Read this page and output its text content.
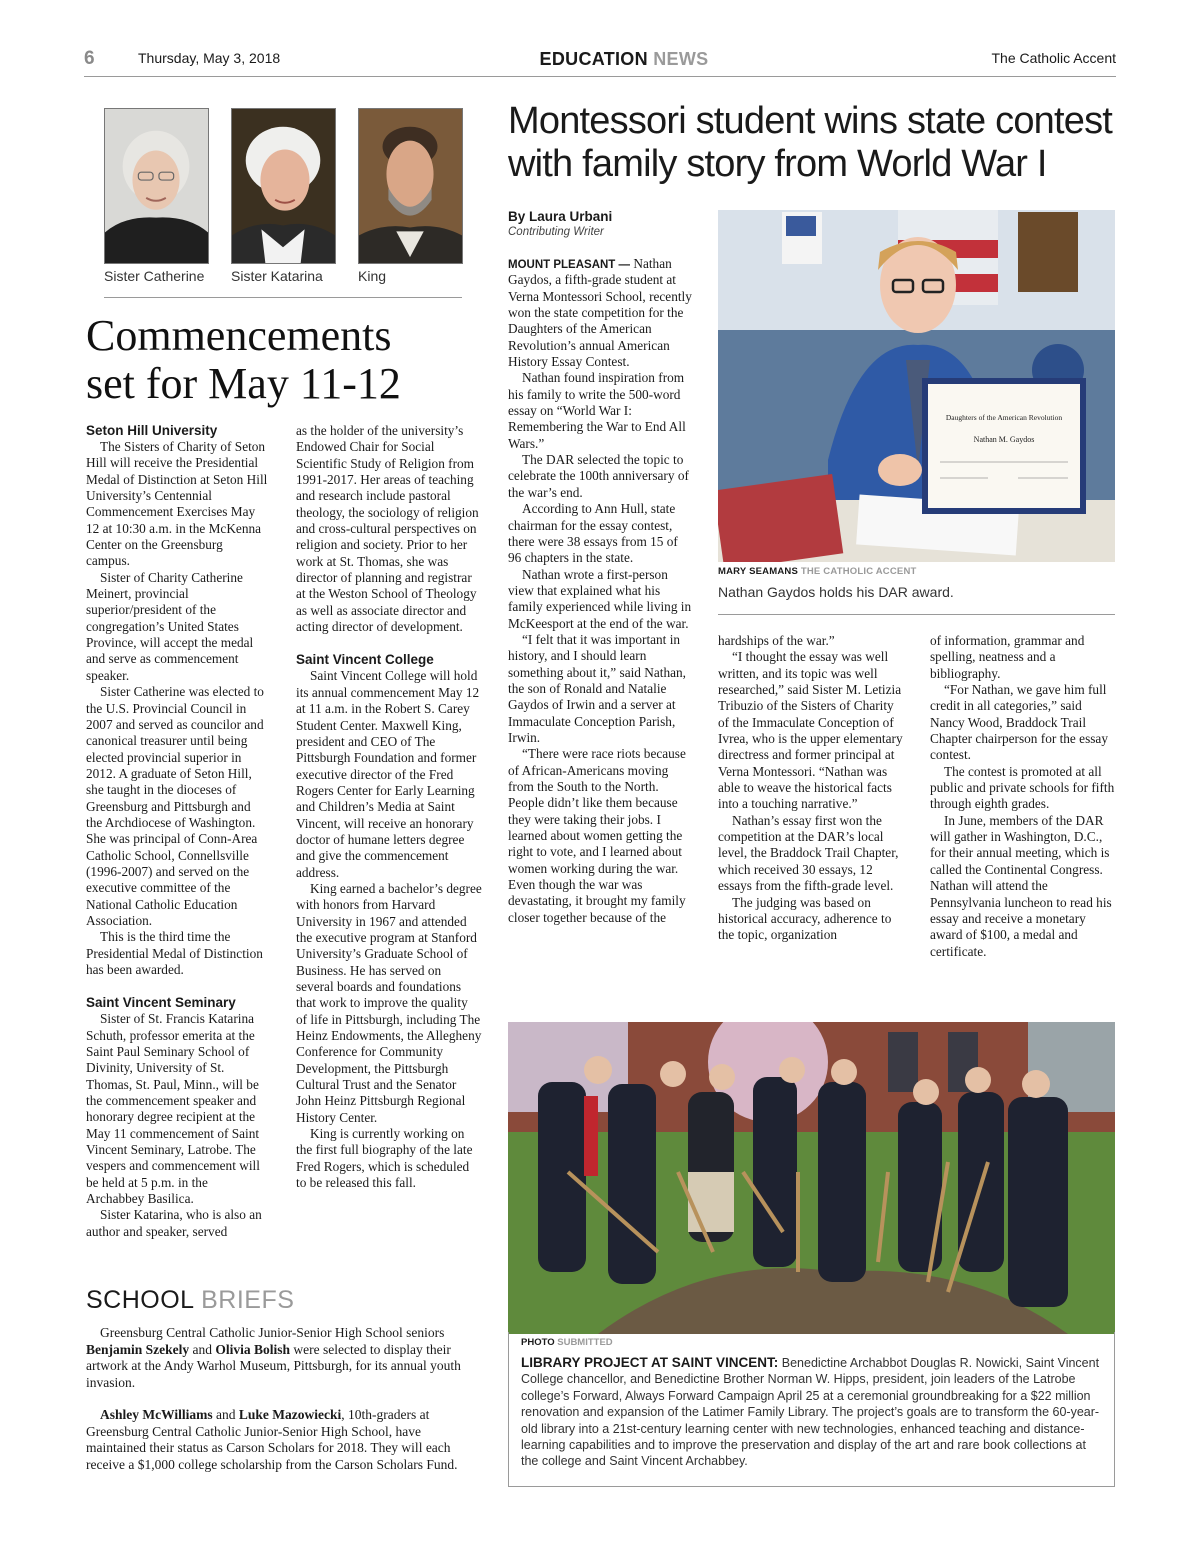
6	Thursday, May 3, 2018	EDUCATION NEWS	The Catholic Accent
Sister Catherine Sister Katarina	King
Commencements
set for May 11-12
Seton Hill University

The Sisters of Charity of Seton Hill will receive the Presidential Medal of Distinction at Seton Hill University’s Centennial Commencement Exercises May 12 at 10:30 a.m. in the McKenna Center on the Greensburg campus.

Sister of Charity Catherine Meinert, provincial superior/president of the congregation’s United States Province, will accept the medal and serve as commencement speaker.

Sister Catherine was elected to the U.S. Provincial Council in 2007 and served as councilor and canonical treasurer until being elected provincial superior in 2012. A graduate of Seton Hill, she taught in the dioceses of Greensburg and Pittsburgh and the Archdiocese of Washington. She was principal of Conn-Area Catholic School, Connellsville (1996-2007) and served on the executive committee of the National Catholic Education Association.

This is the third time the Presidential Medal of Distinction has been awarded.

Saint Vincent Seminary

Sister of St. Francis Katarina Schuth, professor emerita at the Saint Paul Seminary School of Divinity, University of St. Thomas, St. Paul, Minn., will be the commencement speaker and honorary degree recipient at the May 11 commencement of Saint Vincent Seminary, Latrobe. The vespers and commencement will be held at 5 p.m. in the Archabbey Basilica.

Sister Katarina, who is also an author and speaker, served

as the holder of the university’s Endowed Chair for Social Scientific Study of Religion from 1991-2017. Her areas of teaching and research include pastoral theology, the sociology of religion and cross-cultural perspectives on religion and society. Prior to her work at St. Thomas, she was director of planning and registrar at the Weston School of Theology as well as associate director and acting director of development.

Saint Vincent College

Saint Vincent College will hold its annual commencement May 12 at 11 a.m. in the Robert S. Carey Student Center. Maxwell King, president and CEO of The Pittsburgh Foundation and former executive director of the Fred Rogers Center for Early Learning and Children’s Media at Saint Vincent, will receive an honorary doctor of humane letters degree and give the commencement address.

King earned a bachelor’s degree with honors from Harvard University in 1967 and attended the executive program at Stanford University’s Graduate School of Business. He has served on several boards and foundations that work to improve the quality of life in Pittsburgh, including The Heinz Endowments, the Allegheny Conference for Community Development, the Pittsburgh Cultural Trust and the Senator John Heinz Pittsburgh Regional History Center.

King is currently working on the first full biography of the late Fred Rogers, which is scheduled to be released this fall.

Montessori student wins state contest
with family story from World War I
By Laura Urbani
Contributing Writer

MOUNT PLEASANT — Nathan Gaydos, a fifth-grade student at Verna Montessori School, recently won the state competition for the Daughters of the American Revolution’s annual American History Essay Contest.

Nathan found inspiration from his family to write the 500-word essay on “World War I: Remembering the War to End All Wars.”

The DAR selected the topic to celebrate the 100th anniversary of the war’s end.

According to Ann Hull, state chairman for the essay contest, there were 38 essays from 15 of 96 chapters in the state.

Nathan wrote a first-person view that explained what his family experienced while living in McKeesport at the end of the war.

“I felt that it was important in history, and I should learn something about it,” said Nathan, the son of Ronald and Natalie Gaydos of Irwin and a server at Immaculate Conception Parish, Irwin.

“There were race riots because of African-Americans moving from the South to the North. People didn’t like them because they were taking their jobs. I learned about women getting the right to vote, and I learned about women working during the war. Even though the war was devastating, it brought my family closer together because of the

Daughters of the American Revolution
Nathan M. Gaydos
MARY SEAMANS THE CATHOLIC ACCENT
Nathan Gaydos holds his DAR award.

hardships of the war.”

“I thought the essay was well written, and its topic was well researched,” said Sister M. Letizia Tribuzio of the Sisters of Charity of the Immaculate Conception of Ivrea, who is the upper elementary directress and former principal at Verna Montessori. “Nathan was able to weave the historical facts into a touching narrative.”

Nathan’s essay first won the competition at the DAR’s local level, the Braddock Trail Chapter, which received 30 essays, 12 essays from the fifth-grade level.

The judging was based on historical accuracy, adherence to the topic, organization

of information, grammar and spelling, neatness and a bibliography.

“For Nathan, we gave him full credit in all categories,” said Nancy Wood, Braddock Trail Chapter chairperson for the essay contest.

The contest is promoted at all public and private schools for fifth through eighth grades.

In June, members of the DAR will gather in Washington, D.C., for their annual meeting, which is called the Continental Congress. Nathan will attend the Pennsylvania luncheon to read his essay and receive a monetary award of $100, a medal and certificate.

PHOTO SUBMITTED
LIBRARY PROJECT AT SAINT VINCENT: Benedictine Archabbot Douglas R. Nowicki, Saint Vincent College chancellor, and Benedictine Brother Norman W. Hipps, president, join leaders of the Latrobe college’s Forward, Always Forward Campaign April 25 at a ceremonial groundbreaking for a $22 million renovation and expansion of the Latimer Family Library. The project’s goals are to transform the 60-year-old library into a 21st-century learning center with new technologies, enhanced teaching and distance-learning capabilities and to improve the preservation and display of the art and rare book collections at the college and Saint Vincent Archabbey.
SCHOOL BRIEFS

Greensburg Central Catholic Junior-Senior High School seniors Benjamin Szekely and Olivia Bolish were selected to display their artwork at the Andy Warhol Museum, Pittsburgh, for its annual youth invasion.

Ashley McWilliams and Luke Mazowiecki, 10th-graders at Greensburg Central Catholic Junior-Senior High School, have maintained their status as Carson Scholars for 2018. They will each receive a $1,000 college scholarship from the Carson Scholars Fund.
